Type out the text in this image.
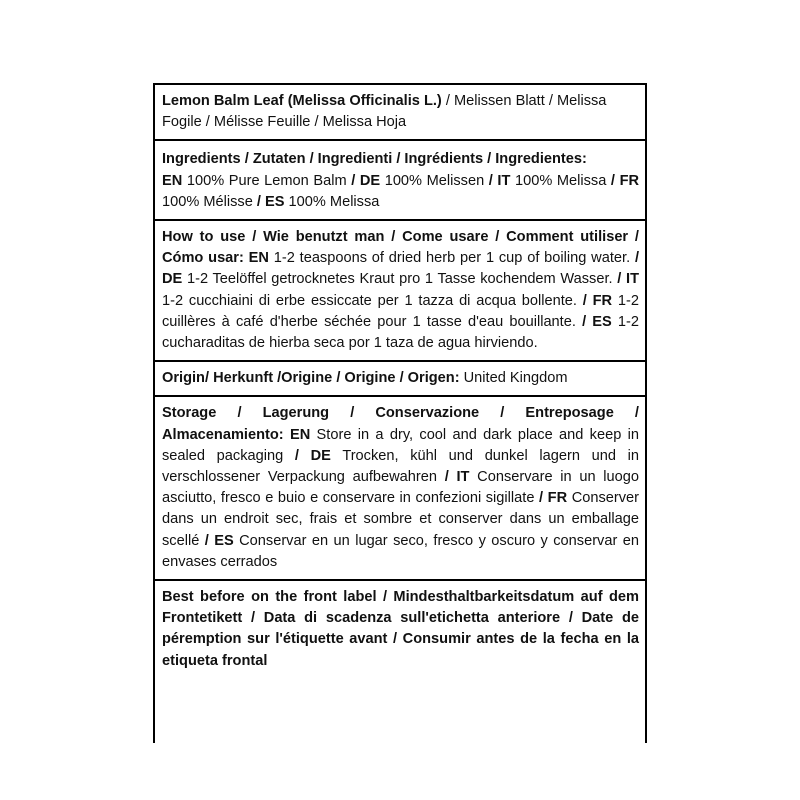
Lemon Balm Leaf (Melissa Officinalis L.) / Melissen Blatt / Melissa Fogile / Mélisse Feuille / Melissa Hoja
Ingredients / Zutaten / Ingredienti / Ingrédients / Ingredientes:
EN 100% Pure Lemon Balm / DE 100% Melissen / IT 100% Melissa / FR 100% Mélisse / ES 100% Melissa
How to use / Wie benutzt man / Come usare / Comment utiliser / Cómo usar: EN 1-2 teaspoons of dried herb per 1 cup of boiling water. / DE 1-2 Teelöffel getrocknetes Kraut pro 1 Tasse kochendem Wasser. / IT 1-2 cucchiaini di erbe essiccate per 1 tazza di acqua bollente. / FR 1-2 cuillères à café d'herbe séchée pour 1 tasse d'eau bouillante. / ES 1-2 cucharaditas de hierba seca por 1 taza de agua hirviendo.
Origin/ Herkunft /Origine / Origine / Origen: United Kingdom
Storage / Lagerung / Conservazione / Entreposage / Almacenamiento: EN Store in a dry, cool and dark place and keep in sealed packaging / DE Trocken, kühl und dunkel lagern und in verschlossener Verpackung aufbewahren / IT Conservare in un luogo asciutto, fresco e buio e conservare in confezioni sigillate / FR Conserver dans un endroit sec, frais et sombre et conserver dans un emballage scellé / ES Conservar en un lugar seco, fresco y oscuro y conservar en envases cerrados
Best before on the front label / Mindesthaltbarkeitsdatum auf dem Frontetikett / Data di scadenza sull'etichetta anteriore / Date de péremption sur l'étiquette avant / Consumir antes de la fecha en la etiqueta frontal
